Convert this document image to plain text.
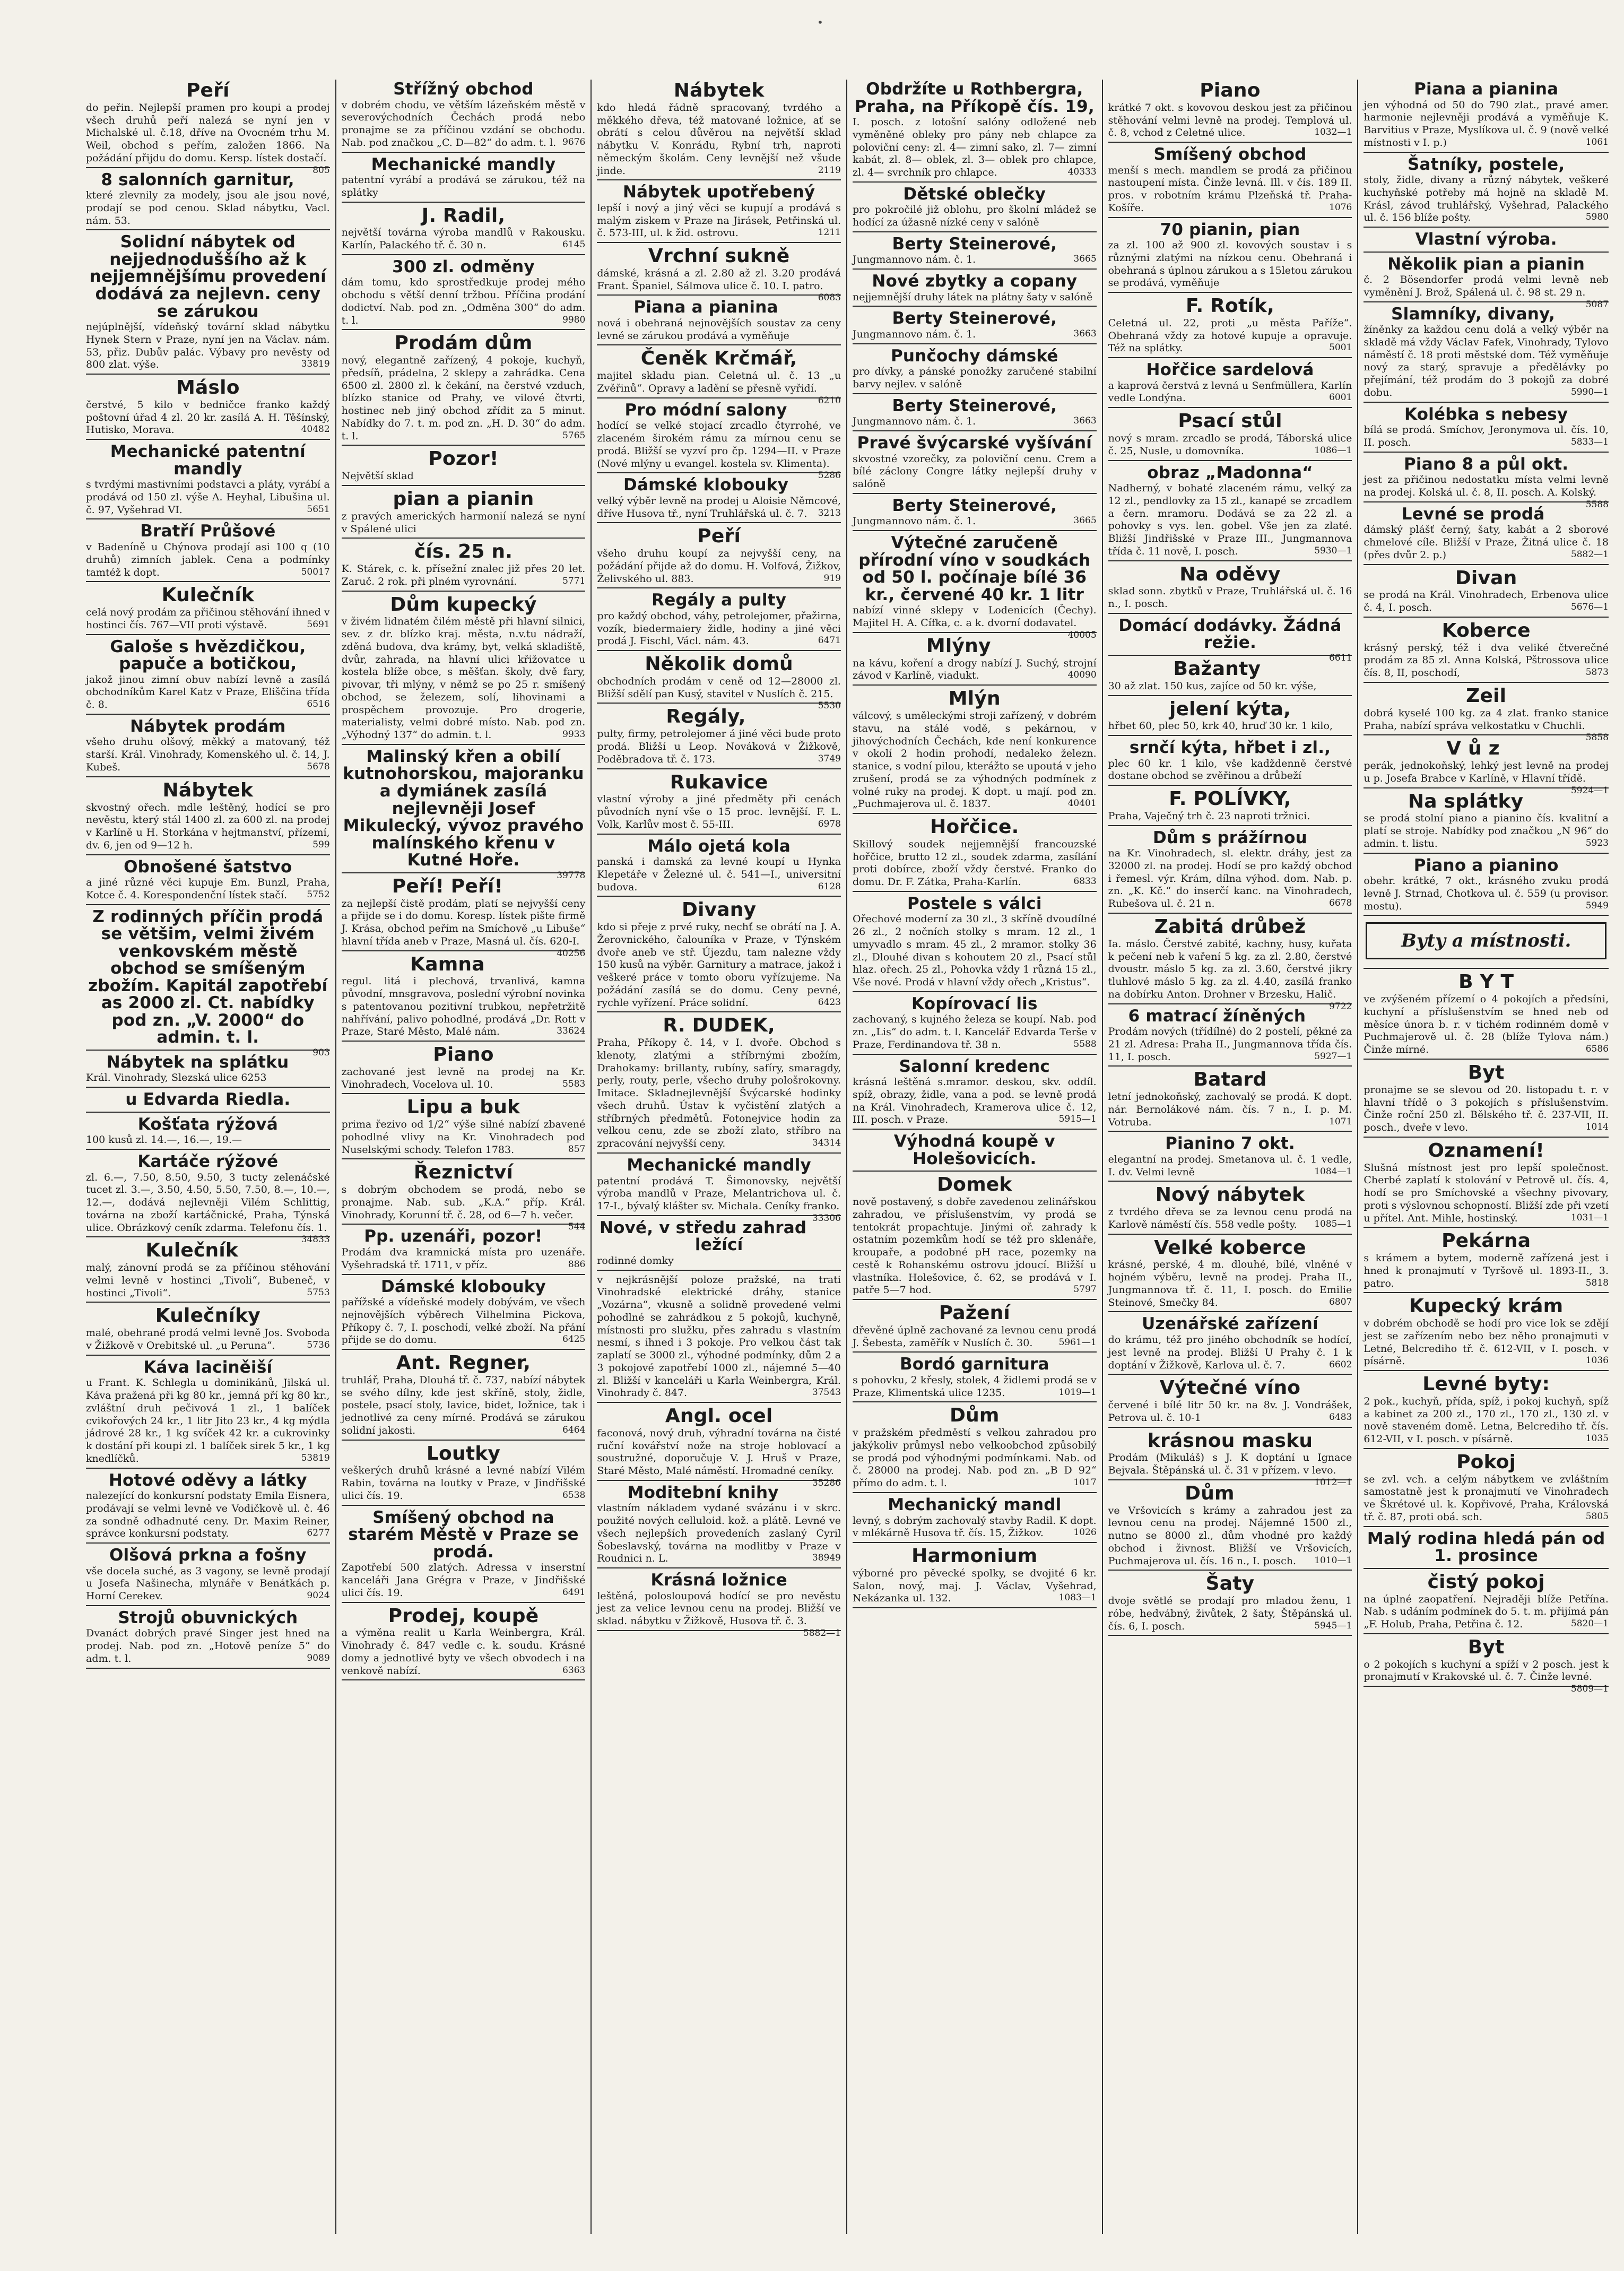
•
Peří
do peřin. Nejlepší pramen pro koupi a prodej všech druhů peří nalezá se nyní jen v Michalské ul. č.18, dříve na Ovocném trhu M. Weil, obchod s peřím, založen 1866. Na požádání přijdu do domu. Kersp. lístek dostačí.
805
8 salonních garnitur,
které zlevnily za modely, jsou ale jsou nové, prodají se pod cenou. Sklad nábytku, Vacl. nám. 53.
Solidní nábytek od nejjednoduššího až k nejjemnějšímu provedení dodává za nejlevn. ceny se zárukou
nejúplnější, vídeňský tovární sklad nábytku Hynek Stern v Praze, nyní jen na Václav. nám. 53, přiz. Dubův palác. Výbavy pro nevěsty od 800 zlat. výše.	33819
Máslo
čerstvé, 5 kilo v bedničce franko každý poštovní úřad 4 zl. 20 kr. zasílá A. H. Těšínský, Hutisko, Morava.	40482
Mechanické patentní mandly
s tvrdými mastivními podstavci a pláty, vyrábí a prodává od 150 zl. výše A. Heyhal, Libušina ul. č. 97, Vyšehrad VI.	5651
Bratří Průšové
v Badeníně u Chýnova prodají asi 100 q (10 druhů) zimních jablek. Cena a podmínky tamtéž k dopt.	50017
Kulečník
celá nový prodám za přičinou stěhování ihned v hostinci čís. 767—VII proti výstavě.	5691
Galoše s hvězdičkou, papuče a botičkou,
jakož jinou zimní obuv nabízí levně a zasílá obchodníkům Karel Katz v Praze, Eliščina třída č. 8.	6516
Nábytek prodám
všeho druhu olšový, měkký a matovaný, též starší. Král. Vinohrady, Komenského ul. č. 14, J. Kubeš.	5678
Nábytek
skvostný ořech. mdle leštěný, hodící se pro nevěstu, který stál 1400 zl. za 600 zl. na prodej v Karlíně u H. Storkána v hejtmanství, přízemí, dv. 6, jen od 9—12 h.	599
Obnošené šatstvo
a jiné různé věci kupuje Em. Bunzl, Praha, Kotce č. 4. Korespondenční lístek stačí. 5752
Z rodinných příčin prodá se většim, velmi živém venkovském městě obchod se smíšeným zbožím. Kapitál zapotřebí as 2000 zl. Ct. nabídky pod zn. „V. 2000“ do admin. t. l.
903
Nábytek na splátku
Král. Vinohrady, Slezská ulice 6253
u Edvarda Riedla.
Košťata rýžová
100 kusů zl. 14.—, 16.—, 19.—
Kartáče rýžové
zl. 6.—, 7.50, 8.50, 9.50, 3 tucty zelenáčské tucet zl. 3.—, 3.50, 4.50, 5.50, 7.50, 8.—, 10.—, 12.—, dodává nejlevněji Vilém Schlittig, továrna na zboží kartáčnické, Praha, Týnská ulice. Obrázkový ceník zdarma. Telefonu čís. 1.
34833
Kulečník
malý, zánovní prodá se za příčinou stěhování velmi levně v hostinci „Tivoli“, Bubeneč, v hostinci „Tivoli“.	5753
Kulečníky
malé, obehrané prodá velmi levně Jos. Svoboda v Žižkově v Orebitské ul. „u Peruna“.	5736
Káva laciněiší
u Frant. K. Schlegla u dominikánů, Jilská ul. Káva pražená při kg 80 kr., jemná pří kg 80 kr., zvláštní druh pečivová 1 zl., 1 balíček cvikořových 24 kr., 1 litr Jito 23 kr., 4 kg mýdla jádrové 28 kr., 1 kg svíček 42 kr. a cukrovinky k dostání při koupi zl. 1 balíček sirek 5 kr., 1 kg knedlíčků.	53819
Hotové oděvy a látky
nalezející do konkursní podstaty Emila Eisnera, prodávají se velmi levně ve Vodičkově ul. č. 46 za sondně odhadnuté ceny. Dr. Maxim Reiner, správce konkursní podstaty.	6277
Olšová prkna a fošny
vše docela suché, as 3 vagony, se levně prodají u Josefa Našinecha, mlynáře v Benátkách p. Horní Cerekev.	9024
Strojů obuvnických
Dvanáct dobrých pravé Singer jest hned na prodej. Nab. pod zn. „Hotově peníze 5“ do adm. t. l.	9089
Střížný obchod
v dobrém chodu, ve větším lázeňském městě v severovýchodních Čechách prodá nebo pronajme se za příčinou vzdání se obchodu. Nab. pod značkou „C. D—82“ do adm. t. l. 9676
Mechanické mandly
patentní vyrábí a prodává se zárukou, též na splátky
J. Radil,
největší továrna výroba mandlů v Rakousku. Karlín, Palackého tř. č. 30 n.	6145
300 zl. odměny
dám tomu, kdo sprostředkuje prodej mého obchodu s větší denní tržbou. Příčina prodání dodictví. Nab. pod zn. „Odměna 300“ do adm. t. l.	9980
Prodám dům
nový, elegantně zařízený, 4 pokoje, kuchyň, předsíň, prádelna, 2 sklepy a zahrádka. Cena 6500 zl. 2800 zl. k čekání, na čerstvé vzduch, blízko stanice od Prahy, ve vilové čtvrti, hostinec neb jiný obchod zřídit za 5 minut. Nabídky do 7. t. m. pod zn. „H. D. 30“ do adm. t. l.	5765
Pozor!
Největší sklad
pian a pianin
z pravých amerických harmonií nalezá se nyní v Spálené ulici
čís. 25 n.
K. Stárek, c. k. přísežní znalec již přes 20 let. Zaruč. 2 rok. při plném vyrovnání.	5771
Dům kupecký
v živém lidnatém čilém městě při hlavní silnici, sev. z dr. blízko kraj. města, n.v.tu nádraží, zděná budova, dva krámy, byt, velká skladiště, dvůr, zahrada, na hlavní ulici křižovatce u kostela blíže obce, s měšťan. školy, dvě fary, pivovar, tři mlýny, v němž se po 25 r. smíšený obchod, se železem, solí, lihovinami a prospěchem provozuje. Pro drogerie, materialisty, velmi dobré místo. Nab. pod zn. „Výhodný 137“ do admin. t. l.	9933
Malinský křen a obilí kutnohorskou, majoranku a dymiánek zasílá nejlevněji Josef Mikulecký, vývoz pravého malínského křenu v Kutné Hoře.
39778
Peří! Peří!
za nejlepší čistě prodám, platí se nejvyšší ceny a přijde se i do domu. Koresp. lístek pište firmě J. Krása, obchod peřím na Smíchově „u Libuše“ hlavní třída aneb v Praze, Masná ul. čís. 620-I.
40256
Kamna
regul. litá i plechová, trvanlivá, kamna původní, mnsgravova, poslední výrobní novinka s patentovanou pozitivní trubkou, nepřetržitě nahřívání, palivo pohodlné, prodává „Dr. Rott v Praze, Staré Město, Malé nám.	33624
Piano
zachované jest levně na prodej na Kr. Vinohradech, Vocelova ul. 10.	5583
Lipu a buk
prima řezivo od 1/2“ výše silné nabízí zbavené pohodlné vlivy na Kr. Vinohradech pod Nuselskými schody. Telefon 1783.	857
Řeznictví
s dobrým obchodem se prodá, nebo se pronajme. Nab. sub. „K.A.“ příp. Král. Vinohrady, Korunní tř. č. 28, od 6—7 h. večer.
544
Pp. uzenáři, pozor!
Prodám dva kramnická místa pro uzenáře. Vyšehradská tř. 1711, v příz.	886
Dámské klobouky
pařížské a vídeňské modely dobývám, ve všech nejnovějších výběrech Vilhelmina Pickova, Příkopy č. 7, I. poschodí, velké zboží. Na přání přijde se do domu.	6425
Ant. Regner,
truhlář, Praha, Dlouhá tř. č. 737, nabízí nábytek se svého dílny, kde jest skříně, stoly, židle, postele, psací stoly, lavice, bidet, ložnice, tak i jednotlivé za ceny mírné. Prodává se zárukou solidní jakosti.	6464
Loutky
veškerých druhů krásné a levné nabízí Vilém Rabin, továrna na loutky v Praze, v Jindřišské ulici čís. 19.	6538
Smíšený obchod na starém Městě v Praze se prodá.
Zapotřebí 500 zlatých. Adressa v inserstní kanceláři Jana Grégra v Praze, v Jindřišské ulici čís. 19.	6491
Prodej, koupě
a výměna realit u Karla Weinbergra, Král. Vinohrady č. 847 vedle c. k. soudu. Krásné domy a jednotlivé byty ve všech obvodech i na venkově nabízí.	6363
Nábytek
kdo hledá řádně spracovaný, tvrdého a měkkého dřeva, též matované ložnice, ať se obrátí s celou důvěrou na největší sklad nábytku V. Konrádu, Rybní trh, naproti německým školám. Ceny levnější než všude jinde.	2119
Nábytek upotřebený
lepší i nový a jiný věci se kupují a prodává s malým ziskem v Praze na Jirásek, Petřinská ul. č. 573-III, ul. k žid. ostrovu.	1211
Vrchní sukně
dámské, krásná a zl. 2.80 až zl. 3.20 prodává Frant. Španiel, Sálmova ulice č. 10. I. patro.
6083
Piana a pianina
nová i obehraná nejnovějších soustav za ceny levné se zárukou prodává a vyměňuje
Čeněk Krčmář,
majitel skladu pian. Celetná ul. č. 13 „u Zvěřinů“. Opravy a ladění se přesně vyřidí.
6210
Pro módní salony
hodící se velké stojací zrcadlo čtyrrohé, ve zlaceném širokém rámu za mírnou cenu se prodá. Bližší se vyzví pro čp. 1294—II. v Praze (Nové mlýny u evangel. kostela sv. Klimenta).
5286
Dámské klobouky
velký výběr levně na prodej u Aloisie Němcové, dříve Husova tř., nyní Truhlářská ul. č. 7. 3213
Peří
všeho druhu koupí za nejvyšší ceny, na požádání přijde až do domu. H. Volfová, Žižkov, Želivského ul. 883.	919
Regály a pulty
pro každý obchod, váhy, petrolejomer, přažirna, vozík, biedermaiery židle, hodiny a jiné věci prodá J. Fischl, Václ. nám. 43.	6471
Několik domů
obchodních prodám v ceně od 12—28000 zl. Bližší sdělí pan Kusý, stavitel v Nuslích č. 215.
5530
Regály,
pulty, firmy, petrolejomer á jiné věci bude proto prodá. Bližší u Leop. Nováková v Žižkově, Poděbradova tř. č. 173.	3749
Rukavice
vlastní výroby a jiné předměty při cenách původních nyní vše o 15 proc. levnější. F. L. Volk, Karlův most č. 55-III.	6978
Málo ojetá kola
panská i damská za levné koupí u Hynka Klepetáře v Železné ul. č. 541—I., universitní budova.	6128
Divany
kdo si přeje z prvé ruky, nechť se obrátí na J. A. Žerovnického, čalouníka v Praze, v Týnském dvoře aneb ve stř. Újezdu, tam nalezne vždy 150 kusů na výběr. Garnitury a matrace, jakož i veškeré práce v tomto oboru vyřízujeme. Na požádání zasílá se do domu. Ceny pevné, rychle vyřízení. Práce solidní.	6423
R. DUDEK,
Praha, Příkopy č. 14, v I. dvoře. Obchod s klenoty, zlatými a stříbrnými zbožím, Drahokamy: brillanty, rubíny, safíry, smaragdy, perly, routy, perle, všecho druhy pološrokovny. Imitace. Skladnejlevnější Švýcarské hodinky všech druhů. Ústav k vyčistění zlatých a stříbrných předmětů. Fotonejvice hodin za velkou cenu, zde se zboží zlato, stříbro na zpracování nejvyšší ceny.	34314
Mechanické mandly
patentní prodává T. Šimonovsky, největší výroba mandlů v Praze, Melantrichova ul. č. 17-I., bývalý klášter sv. Michala. Ceníky franko.
33306
Nové, v středu zahrad ležící
rodinné domky
v nejkrásnější poloze pražské, na trati Vinohradské elektrické dráhy, stanice „Vozárna“, vkusně a solidně provedené velmi pohodlné se zahrádkou z 5 pokojů, kuchyně, místnosti pro služku, přes zahradu s vlastním nesmí, s ihned i 3 pokoje. Pro velkou část tak zaplatí se 3000 zl., výhodné podmínky, dům 2 a 3 pokojové zapotřebí 1000 zl., nájemné 5—40 zl. Bližší v kanceláři u Karla Weinbergra, Král. Vinohrady č. 847.	37543
Angl. ocel
faconová, nový druh, výhradní továrna na čisté ruční kovářství nože na stroje hoblovací a soustružné, doporučuje V. J. Hruš v Praze, Staré Město, Malé náměstí. Hromadné ceníky.
35286
Moditební knihy
vlastním nákladem vydané svázánu i v skrc. použité nových celluloid. kož. a plátě. Levné ve všech nejlepších provedeních zaslaný Cyril Šobeslavský, továrna na modlitby v Praze v Roudnici n. L.	38949
Krásná ložnice
leštěná, polosloupová hodící se pro nevěstu jest za velice levnou cenu na prodej. Bližší ve sklad. nábytku v Žižkově, Husova tř. č. 3.
5882—1
Obdržíte u Rothbergra, Praha, na Příkopě čís. 19,
I. posch. z lotošní salóny odložené neb vyměněné obleky pro pány neb chlapce za poloviční ceny: zl. 4— zimní sako, zl. 7— zimní kabát, zl. 8— oblek, zl. 3— oblek pro chlapce, zl. 4— svrchník pro chlapce.	40333
Dětské oblečky
pro pokročilé již oblohu, pro školní mládež se hodící za úžasně nízké ceny v salóně
Berty Steinerové,
Jungmannovo nám. č. 1.	3665
Nové zbytky a copany
nejjemnější druhy látek na plátny šaty v salóně
Berty Steinerové,
Jungmannovo nám. č. 1.	3663
Punčochy dámské
pro dívky, a pánské ponožky zaručené stabilní barvy nejlev. v salóně
Berty Steinerové,
Jungmannovo nám. č. 1.	3663
Pravé švýcarské vyšívání
skvostné vzorečky, za poloviční cenu. Crem a bílé záclony Congre látky nejlepší druhy v salóně
Berty Steinerové,
Jungmannovo nám. č. 1.	3665
Výtečné zaručeně přírodní víno v soudkách od 50 l. počínaje bílé 36 kr., červené 40 kr. 1 litr
nabízí vinné sklepy v Lodenicích (Čechy). Majitel H. A. Cífka, c. a k. dvorní dodavatel.
40005
Mlýny
na kávu, koření a drogy nabízí J. Suchý, strojní závod v Karlíně, viadukt.	40090
Mlýn
válcový, s uměleckými stroji zařízený, v dobrém stavu, na stálé vodě, s pekárnou, v jihovýchodních Čechách, kde není konkurence v okolí 2 hodin prohodí, nedaleko železn. stanice, s vodní pilou, kterážto se upoutá v jeho zrušení, prodá se za výhodných podmínek z volné ruky na prodej. K dopt. u mají. pod zn. „Puchmajerova ul. č. 1837.	40401
Hořčice.
Skillový soudek nejjemnější francouzské hořčice, brutto 12 zl., soudek zdarma, zasílání proti dobírce, zboží vždy čerstvé. Franko do domu. Dr. F. Zátka, Praha-Karlín.	6833
Postele s válci
Ořechové moderní za 30 zl., 3 skříně dvoudílné 26 zl., 2 nočních stolky s mram. 12 zl., 1 umyvadlo s mram. 45 zl., 2 mramor. stolky 36 zl., Dlouhé divan s kohoutem 20 zl., Psací stůl hlaz. ořech. 25 zl., Pohovka vždy 1 různá 15 zl., Vše nové. Prodá v hlavní vždy ořech „Kristus“.
Kopírovací lis
zachovaný, s kujného železa se koupí. Nab. pod zn. „Lis“ do adm. t. l. Kancelář Edvarda Terše v Praze, Ferdinandova tř. 38 n.	5588
Salonní kredenc
krásná leštěná s.mramor. deskou, skv. oddíl. spíž, obrazy, židle, vana a pod. se levně prodá na Král. Vinohradech, Kramerova ulice č. 12, III. posch. v Praze.	5915—1
Výhodná koupě v Holešovicích.
Domek
nově postavený, s dobře zavedenou zelinářskou zahradou, ve příslušenstvím, vy prodá se tentokrát propachtuje. Jinými oř. zahrady k ostatním pozemkům hodí se též pro sklenáře, kroupaře, a podobné pH race, pozemky na cestě k Rohanskému ostrovu jdoucí. Bližší u vlastníka. Holešovice, č. 62, se prodává v I. patře 5—7 hod.	5797
Pažení
dřevěné úplně zachované za levnou cenu prodá J. Šebesta, zaměřík v Nuslích č. 30.	5961—1
Bordó garnitura
s pohovku, 2 křesly, stolek, 4 židlemi prodá se v Praze, Klimentská ulice 1235.	1019—1
Dům
v pražském předměstí s velkou zahradou pro jakýkoliv průmysl nebo velkoobchod způsobilý se prodá pod výhodnými podmínkami. Nab. od č. 28000 na prodej. Nab. pod zn. „B D 92“ přímo do adm. t. l.	1017
Mechanický mandl
levný, s dobrým zachovalý stavby Radil. K dopt. v mlékárně Husova tř. čís. 15, Žižkov.	1026
Harmonium
výborné pro pěvecké spolky, se dvojité 6 kr. Salon, nový, maj. J. Václav, Vyšehrad, Nekázanka ul. 132.	1083—1
Piano
krátké 7 okt. s kovovou deskou jest za přičinou stěhování velmi levně na prodej. Templová ul. č. 8, vchod z Celetné ulice.	1032—1
Smíšený obchod
menší s mech. mandlem se prodá za přičinou nastoupení místa. Činže levná. Ill. v čís. 189 II. pros. v robotním krámu Plzeňská tř. Praha-Košíře.	1076
70 pianin, pian
za zl. 100 až 900 zl. kovových soustav i s různými zlatými na nízkou cenu. Obehraná i obehraná s úplnou zárukou a s 15letou zárukou se prodává, vyměňuje
F. Rotík,
Celetná ul. 22, proti „u města Paříže“. Obehraná vždy za hotové kupuje a opravuje. Též na splátky.	5001
Hořčice sardelová
a kaprová čerstvá z levná u Senfmüllera, Karlín vedle Londýna.	6001
Psací stůl
nový s mram. zrcadlo se prodá, Táborská ulice č. 25, Nusle, u domovníka.	1086—1
obraz „Madonna“
Nadherný, v bohaté zlaceném rámu, velký za 12 zl., pendlovky za 15 zl., kanapé se zrcadlem a čern. mramoru. Dodává se za 22 zl. a pohovky s vys. len. gobel. Vše jen za zlaté. Bližší Jindřišské v Praze III., Jungmannova třída č. 11 nově, I. posch.	5930—1
Na oděvy
sklad sonn. zbytků v Praze, Truhlářská ul. č. 16 n., I. posch.
Domácí dodávky. Žádná režie.
6611
Bažanty
30 až zlat. 150 kus, zajíce od 50 kr. výše,
jelení kýta,
hřbet 60, plec 50, krk 40, hruď 30 kr. 1 kilo,
srnčí kýta, hřbet i zl.,
plec 60 kr. 1 kilo, vše kadždenně čerstvé dostane obchod se zvěřinou a drůbeží
F. POLÍVKY,
Praha, Vaječný trh č. 23 naproti tržnici.
Dům s prážírnou
na Kr. Vinohradech, sl. elektr. dráhy, jest za 32000 zl. na prodej. Hodí se pro každý obchod i řemesl. výr. Krám, dílna výhod. dom. Nab. p. zn. „K. Kč.“ do inserčí kanc. na Vinohradech, Rubešova ul. č. 21 n.	6678
Zabitá drůbež
Ia. máslo. Čerstvé zabité, kachny, husy, kuřata k pečení neb k vaření 5 kg. za zl. 2.80, čerstvé dvoustr. máslo 5 kg. za zl. 3.60, čerstvé jikry tluhlové máslo 5 kg. za zl. 4.40, zasílá franko na dobírku Anton. Drohner v Brzesku, Halič.
9722
6 matrací žíněných
Prodám nových (třídílné) do 2 postelí, pěkné za 21 zl. Adresa: Praha II., Jungmannova třída čís. 11, I. posch.	5927—1
Batard
letní jednokoňský, zachovalý se prodá. K dopt. nár. Bernolákové nám. čís. 7 n., I. p. M. Votruba.	1071
Pianino 7 okt.
elegantní na prodej. Smetanova ul. č. 1 vedle, I. dv. Velmi levně	1084—1
Nový nábytek
z tvrdého dřeva se za levnou cenu prodá na Karlově náměstí čís. 558 vedle pošty. 1085—1
Velké koberce
krásné, perské, 4 m. dlouhé, bílé, vlněné v hojném výběru, levně na prodej. Praha II., Jungmannova tř. č. 11, I. posch. do Emilie Steinové, Smečky 84.	6807
Uzenářské zařízení
do krámu, též pro jiného obchodník se hodící, jest levně na prodej. Bližší U Prahy č. 1 k doptání v Žižkově, Karlova ul. č. 7.	6602
Výtečné víno
červené i bílé litr 50 kr. na 8v. J. Vondrášek, Petrova ul. č. 10-1	6483
krásnou masku
Prodám (Mikuláš) s J. K doptání u Ignace Bejvala. Štěpánská ul. č. 31 v přízem. v levo.
1012—1
Dům
ve Vršovicích s krámy a zahradou jest za levnou cenu na prodej. Nájemné 1500 zl., nutno se 8000 zl., dům vhodné pro každý obchod i živnost. Bližší ve Vršovicích, Puchmajerova ul. čís. 16 n., I. posch. 1010—1
Šaty
dvoje světlé se prodají pro mladou ženu, 1 róbe, hedvábný, živůtek, 2 šaty, Štěpánská ul. čís. 6, I. posch.	5945—1
Piana a pianina
jen výhodná od 50 do 790 zlat., pravé amer. harmonie nejlevněji prodává a vyměňuje K. Barvitius v Praze, Myslíkova ul. č. 9 (nově velké místnosti v I. p.)	1061
Šatníky, postele,
stoly, židle, divany a různý nábytek, veškeré kuchyňské potřeby má hojně na skladě M. Krásl, závod truhlářský, Vyšehrad, Palackého ul. č. 156 blíže pošty.	5980
Vlastní výroba.
Několik pian a pianin
č. 2 Bösendorfer prodá velmi levně neb vyměnění J. Brož, Spálená ul. č. 98 st. 29 n.
5087
Slamníky, divany,
žíněnky za každou cenu dolá a velký výběr na skladě má vždy Václav Fafek, Vinohrady, Tylovo náměstí č. 18 proti městské dom. Též vyměňuje nový za starý, spravuje a předělávky po přejímání, též prodám do 3 pokojů za dobré dobu.	5990—1
Kolébka s nebesy
bílá se prodá. Smíchov, Jeronymova ul. čís. 10, II. posch.	5833—1
Piano 8 a půl okt.
jest za přičinou nedostatku místa velmi levně na prodej. Kolská ul. č. 8, II. posch. A. Kolský.
5588
Levné se prodá
dámský plášť černý, šaty, kabát a 2 sborové chmelové cíle. Bližší v Praze, Žitná ulice č. 18 (přes dvůr 2. p.)	5882—1
Divan
se prodá na Král. Vinohradech, Erbenova ulice č. 4, I. posch.	5676—1
Koberce
krásný perský, též i dva veliké čtverečné prodám za 85 zl. Anna Kolská, Pštrossova ulice čís. 8, II, poschodí,	5873
Zeil
dobrá kyselé 100 kg. za 4 zlat. franko stanice Praha, nabízí správa velkostatku v Chuchli.
5858
V ů z
perák, jednokoňský, lehký jest levně na prodej u p. Josefa Brabce v Karlíně, v Hlavní třídě.
5924—1
Na splátky
se prodá stolní piano a pianino čís. kvalitní a platí se stroje. Nabídky pod značkou „N 96“ do admin. t. listu.	5923
Piano a pianino
obehr. krátké, 7 okt., krásného zvuku prodá levně J. Strnad, Chotkova ul. č. 559 (u provisor. mostu).	5949
Byty a místnosti.
B Y T
ve zvýšeném přízemí o 4 pokojích a předsíni, kuchyní a příslušenstvím se hned neb od měsíce února b. r. v tichém rodinném domě v Puchmajerově ul. č. 28 (blíže Tylova nám.) Činže mírné.	6586
Byt
pronajme se se slevou od 20. listopadu t. r. v hlavní třídě o 3 pokojích s příslušenstvím. Činže roční 250 zl. Bělského tř. č. 237-VII, II. posch., dveře v levo.	1014
Oznamení!
Slušná místnost jest pro lepší společnost. Cherbé zaplatí k stolování v Petrově ul. čís. 4, hodí se pro Smíchovské a všechny pivovary, proti s výslovnou schopností. Bližší zde při vzetí u přítel. Ant. Mihle, hostinský.	1031—1
Pekárna
s krámem a bytem, moderně zařízená jest i hned k pronajmutí v Tyršově ul. 1893-II., 3. patro.	5818
Kupecký krám
v dobrém obchodě se hodí pro vice lok se zdějí jest se zařízením nebo bez něho pronajmuti v Letné, Belcrediho tř. č. 612-VII, v I. posch. v písárně.	1036
Levné byty:
2 pok., kuchyň, přída, spíž, i pokoj kuchyň, spíž a kabinet za 200 zl., 170 zl., 170 zl., 130 zl. v nově staveném domě. Letna, Belcrediho tř. čís. 612-VII, v I. posch. v písárně.	1035
Pokoj
se zvl. vch. a celým nábytkem ve zvláštním samostatně jest k pronajmutí ve Vinohradech ve Škrétové ul. k. Kopřivové, Praha, Královská tř. č. 87, proti obá. sch.	5805
Malý rodina hledá pán od 1. prosince
čistý pokoj
na úplné zaopatření. Nejraději blíže Petřína. Nab. s udáním podmínek do 5. t. m. přijímá pán „F. Holub, Praha, Petřina č. 12.	5820—1
Byt
o 2 pokojích s kuchyní a spíží v 2 posch. jest k pronajmutí v Krakovské ul. č. 7. Činže levné.
5809—1
